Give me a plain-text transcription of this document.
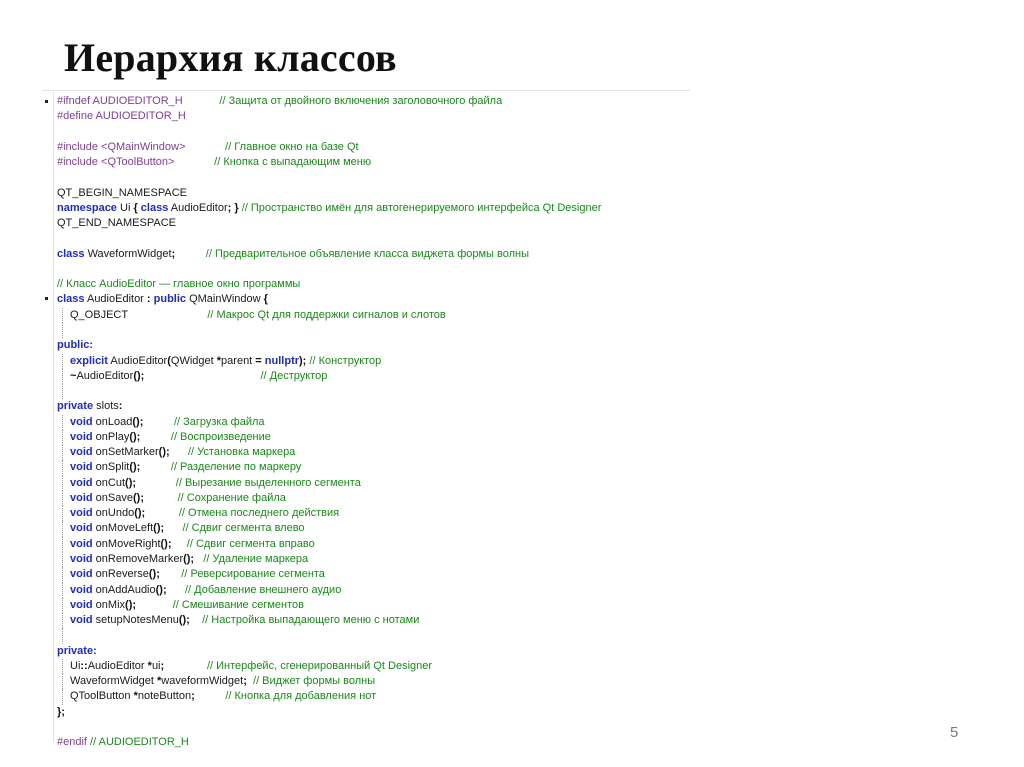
Иерархия классов
#ifndef AUDIOEDITOR_H	// Защита от двойного включения заголовочного файла
#define AUDIOEDITOR_H

#include <QMainWindow>	// Главное окно на базе Qt
#include <QToolButton>	// Кнопка с выпадающим меню

QT_BEGIN_NAMESPACE
namespace Ui { class AudioEditor; } // Пространство имён для автогенерируемого интерфейса Qt Designer
QT_END_NAMESPACE

class WaveformWidget;	// Предварительное объявление класса виджета формы волны

// Класс AudioEditor — главное окно программы
class AudioEditor : public QMainWindow {
Q_OBJECT	// Макрос Qt для поддержки сигналов и слотов

public:
explicit AudioEditor(QWidget *parent = nullptr); // Конструктор
~AudioEditor();	// Деструктор

private slots:
void onLoad();	// Загрузка файла
void onPlay();	// Воспроизведение
void onSetMarker(); // Установка маркера
void onSplit();	// Разделение по маркеру
void onCut();	// Вырезание выделенного сегмента
void onSave();	// Сохранение файла
void onUndo();	// Отмена последнего действия
void onMoveLeft(); // Сдвиг сегмента влево
void onMoveRight(); // Сдвиг сегмента вправо
void onRemoveMarker(); // Удаление маркера
void onReverse(); // Реверсирование сегмента
void onAddAudio(); // Добавление внешнего аудио
void onMix();	// Смешивание сегментов
void setupNotesMenu(); // Настройка выпадающего меню с нотами

private:
Ui::AudioEditor *ui;	// Интерфейс, сгенерированный Qt Designer
WaveformWidget *waveformWidget; // Виджет формы волны
QToolButton *noteButton;	// Кнопка для добавления нот
};

#endif // AUDIOEDITOR_H
5
